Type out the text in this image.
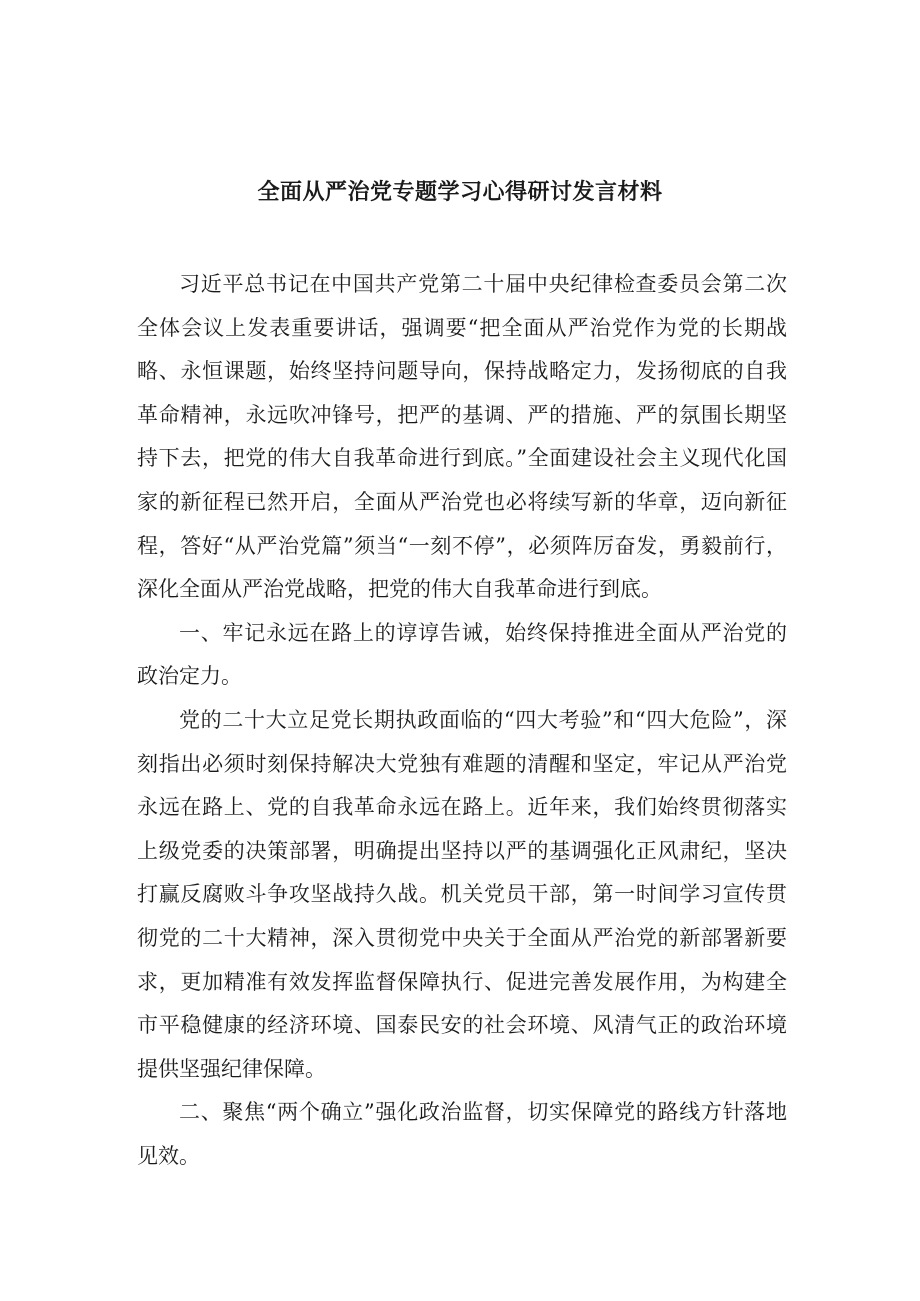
全面从严治党专题学习心得研讨发言材料

习近平总书记在中国共产党第二十届中央纪律检查委员会第二次全体会议上发表重要讲话，强调要“把全面从严治党作为党的长期战略、永恒课题，始终坚持问题导向，保持战略定力，发扬彻底的自我革命精神，永远吹冲锋号，把严的基调、严的措施、严的氛围长期坚持下去，把党的伟大自我革命进行到底。”全面建设社会主义现代化国家的新征程已然开启，全面从严治党也必将续写新的华章，迈向新征程，答好“从严治党篇”须当“一刻不停”，必须阵厉奋发，勇毅前行，深化全面从严治党战略，把党的伟大自我革命进行到底。

一、牢记永远在路上的谆谆告诫，始终保持推进全面从严治党的政治定力。

党的二十大立足党长期执政面临的“四大考验”和“四大危险”，深刻指出必须时刻保持解决大党独有难题的清醒和坚定，牢记从严治党永远在路上、党的自我革命永远在路上。近年来，我们始终贯彻落实上级党委的决策部署，明确提出坚持以严的基调强化正风肃纪，坚决打赢反腐败斗争攻坚战持久战。机关党员干部，第一时间学习宣传贯彻党的二十大精神，深入贯彻党中央关于全面从严治党的新部署新要求，更加精准有效发挥监督保障执行、促进完善发展作用，为构建全市平稳健康的经济环境、国泰民安的社会环境、风清气正的政治环境提供坚强纪律保障。

二、聚焦“两个确立”强化政治监督，切实保障党的路线方针落地见效。
